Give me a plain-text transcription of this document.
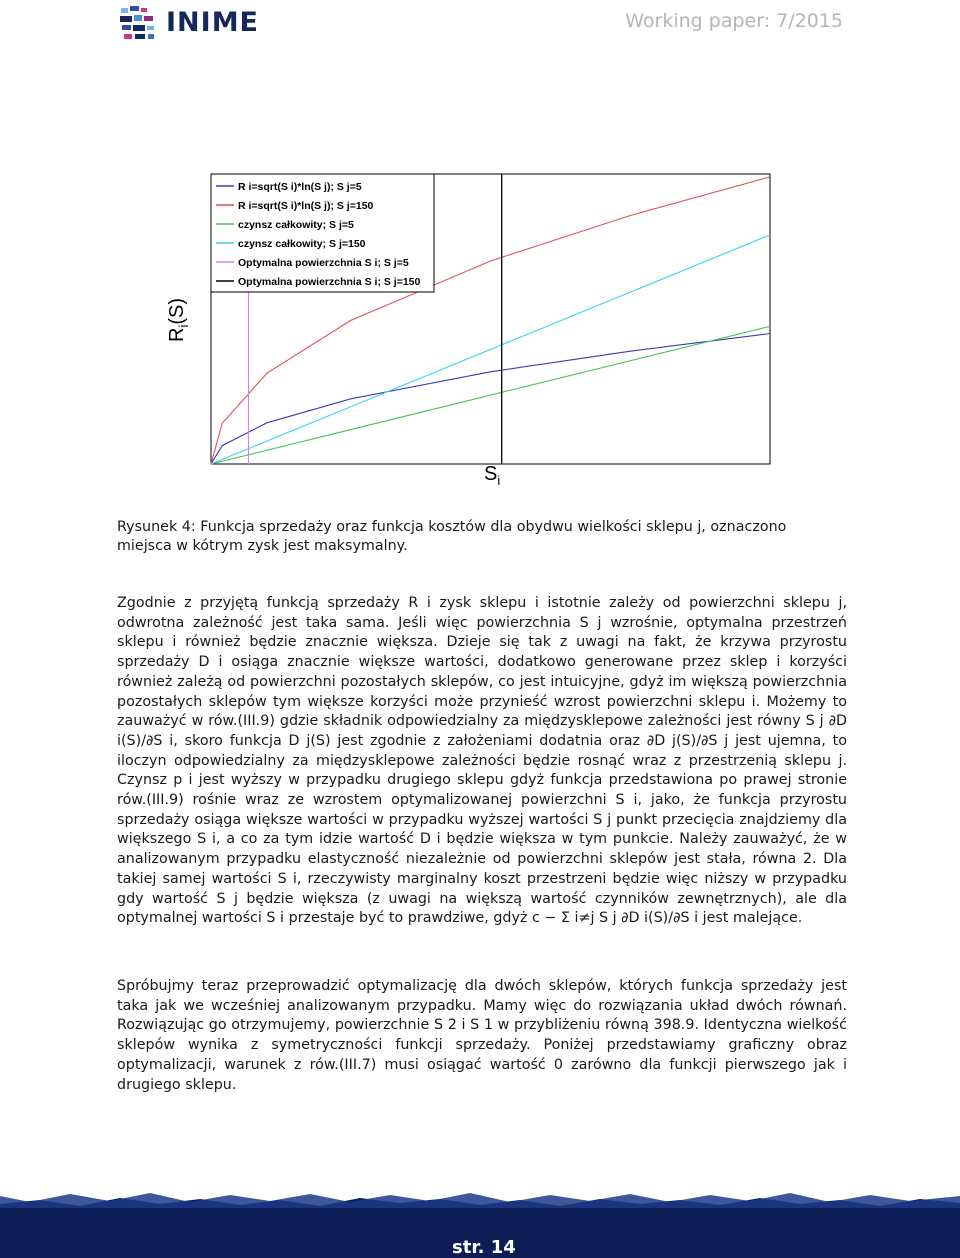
INIME	Working paper: 7/2015
R i=sqrt(S i)*ln(S j); S j=5
R i=sqrt(S i)*ln(S j); S j=150
czynsz całkowity; S j=5
czynsz całkowity; S j=150
Optymalna powierzchnia S i; S j=5
Optymalna powierzchnia S i; S j=150
$R_i(S)$
$S_i$
Rysunek 4: Funkcja sprzedaży oraz funkcja kosztów dla obydwu wielkości sklepu j, oznaczono miejsca w kótrym zysk jest maksymalny.
Zgodnie z przyjętą funkcją sprzedaży R i zysk sklepu i istotnie zależy od powierzchni sklepu j, odwrotna zależność jest taka sama. Jeśli więc powierzchnia S j wzrośnie, optymalna przestrzeń sklepu i również będzie znacznie większa. Dzieje się tak z uwagi na fakt, że krzywa przyrostu sprzedaży D i osiąga znacznie większe wartości, dodatkowo generowane przez sklep i korzyści również zależą od powierzchni pozostałych sklepów, co jest intuicyjne, gdyż im większą powierzchnia pozostałych sklepów tym większe korzyści może przynieść wzrost powierzchni sklepu i. Możemy to zauważyć w rów.(III.9) gdzie składnik odpowiedzialny za międzysklepowe zależności jest równy S j ∂D i(S)/∂S i, skoro funkcja D j(S) jest zgodnie z założeniami dodatnia oraz ∂D j(S)/∂S j jest ujemna, to iloczyn odpowiedzialny za międzysklepowe zależności będzie rosnąć wraz z przestrzenią sklepu j. Czynsz p i jest wyższy w przypadku drugiego sklepu gdyż funkcja przedstawiona po prawej stronie rów.(III.9) rośnie wraz ze wzrostem optymalizowanej powierzchni S i, jako, że funkcja przyrostu sprzedaży osiąga większe wartości w przypadku wyższej wartości S j punkt przecięcia znajdziemy dla większego S i, a co za tym idzie wartość D i będzie większa w tym punkcie. Należy zauważyć, że w analizowanym przypadku elastyczność niezależnie od powierzchni sklepów jest stała, równa 2. Dla takiej samej wartości S i, rzeczywisty marginalny koszt przestrzeni będzie więc niższy w przypadku gdy wartość S j będzie większa (z uwagi na większą wartość czynników zewnętrznych), ale dla optymalnej wartości S i przestaje być to prawdziwe, gdyż c − Σ i≠j S j ∂D i(S)/∂S i jest malejące.
Spróbujmy teraz przeprowadzić optymalizację dla dwóch sklepów, których funkcja sprzedaży jest taka jak we wcześniej analizowanym przypadku. Mamy więc do rozwiązania układ dwóch równań. Rozwiązując go otrzymujemy, powierzchnie S 2 i S 1 w przybliżeniu równą 398.9. Identyczna wielkość sklepów wynika z symetryczności funkcji sprzedaży. Poniżej przedstawiamy graficzny obraz optymalizacji, warunek z rów.(III.7) musi osiągać wartość 0 zarówno dla funkcji pierwszego jak i drugiego sklepu.
str. 14
